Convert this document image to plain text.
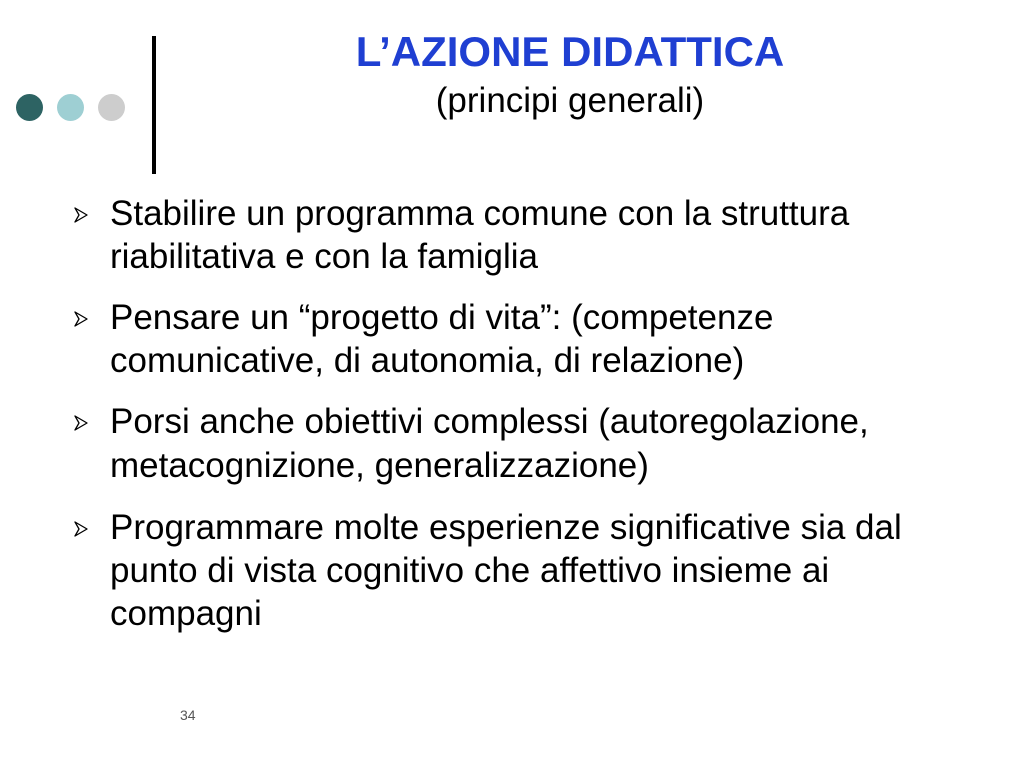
L’AZIONE DIDATTICA
(principi generali)
Stabilire un programma comune con la struttura riabilitativa e con la famiglia
Pensare un “progetto di vita”: (competenze comunicative, di autonomia, di relazione)
Porsi anche obiettivi complessi (autoregolazione, metacognizione, generalizzazione)
Programmare molte esperienze significative sia dal punto di vista cognitivo che affettivo insieme ai compagni
34
